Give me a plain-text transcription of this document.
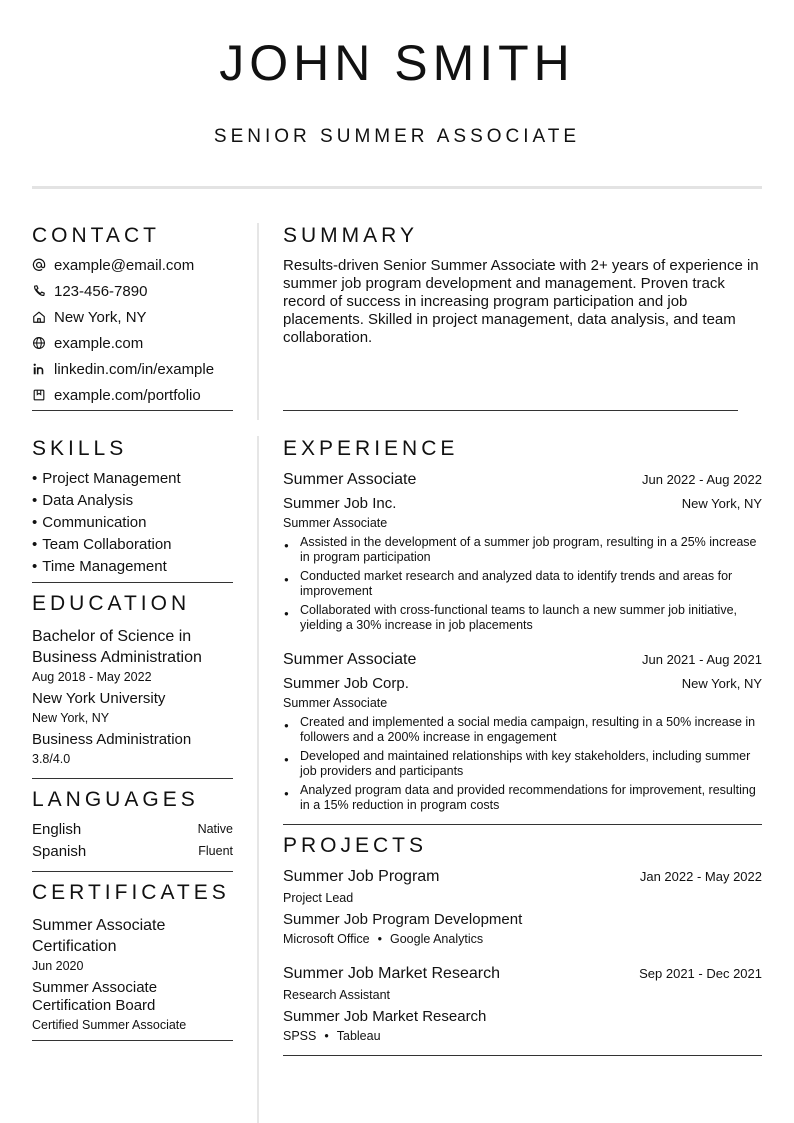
JOHN SMITH
SENIOR SUMMER ASSOCIATE
CONTACT
example@email.com
123-456-7890
New York, NY
example.com
linkedin.com/in/example
example.com/portfolio
SUMMARY
Results-driven Senior Summer Associate with 2+ years of experience in summer job program development and management. Proven track record of success in increasing program participation and job placements. Skilled in project management, data analysis, and team collaboration.
SKILLS
• Project Management
• Data Analysis
• Communication
• Team Collaboration
• Time Management
EDUCATION
Bachelor of Science in Business Administration
Aug 2018 - May 2022
New York University
New York, NY
Business Administration
3.8/4.0
LANGUAGES
English	Native
Spanish	Fluent
CERTIFICATES
Summer Associate Certification
Jun 2020
Summer Associate Certification Board
Certified Summer Associate
EXPERIENCE
Summer Associate	Jun 2022 - Aug 2022
Summer Job Inc.	New York, NY
Summer Associate
● Assisted in the development of a summer job program, resulting in a 25% increase in program participation
● Conducted market research and analyzed data to identify trends and areas for improvement
● Collaborated with cross-functional teams to launch a new summer job initiative, yielding a 30% increase in job placements
Summer Associate	Jun 2021 - Aug 2021
Summer Job Corp.	New York, NY
Summer Associate
● Created and implemented a social media campaign, resulting in a 50% increase in followers and a 200% increase in engagement
● Developed and maintained relationships with key stakeholders, including summer job providers and participants
● Analyzed program data and provided recommendations for improvement, resulting in a 15% reduction in program costs
PROJECTS
Summer Job Program	Jan 2022 - May 2022
Project Lead
Summer Job Program Development
Microsoft Office • Google Analytics
Summer Job Market Research	Sep 2021 - Dec 2021
Research Assistant
Summer Job Market Research
SPSS • Tableau
